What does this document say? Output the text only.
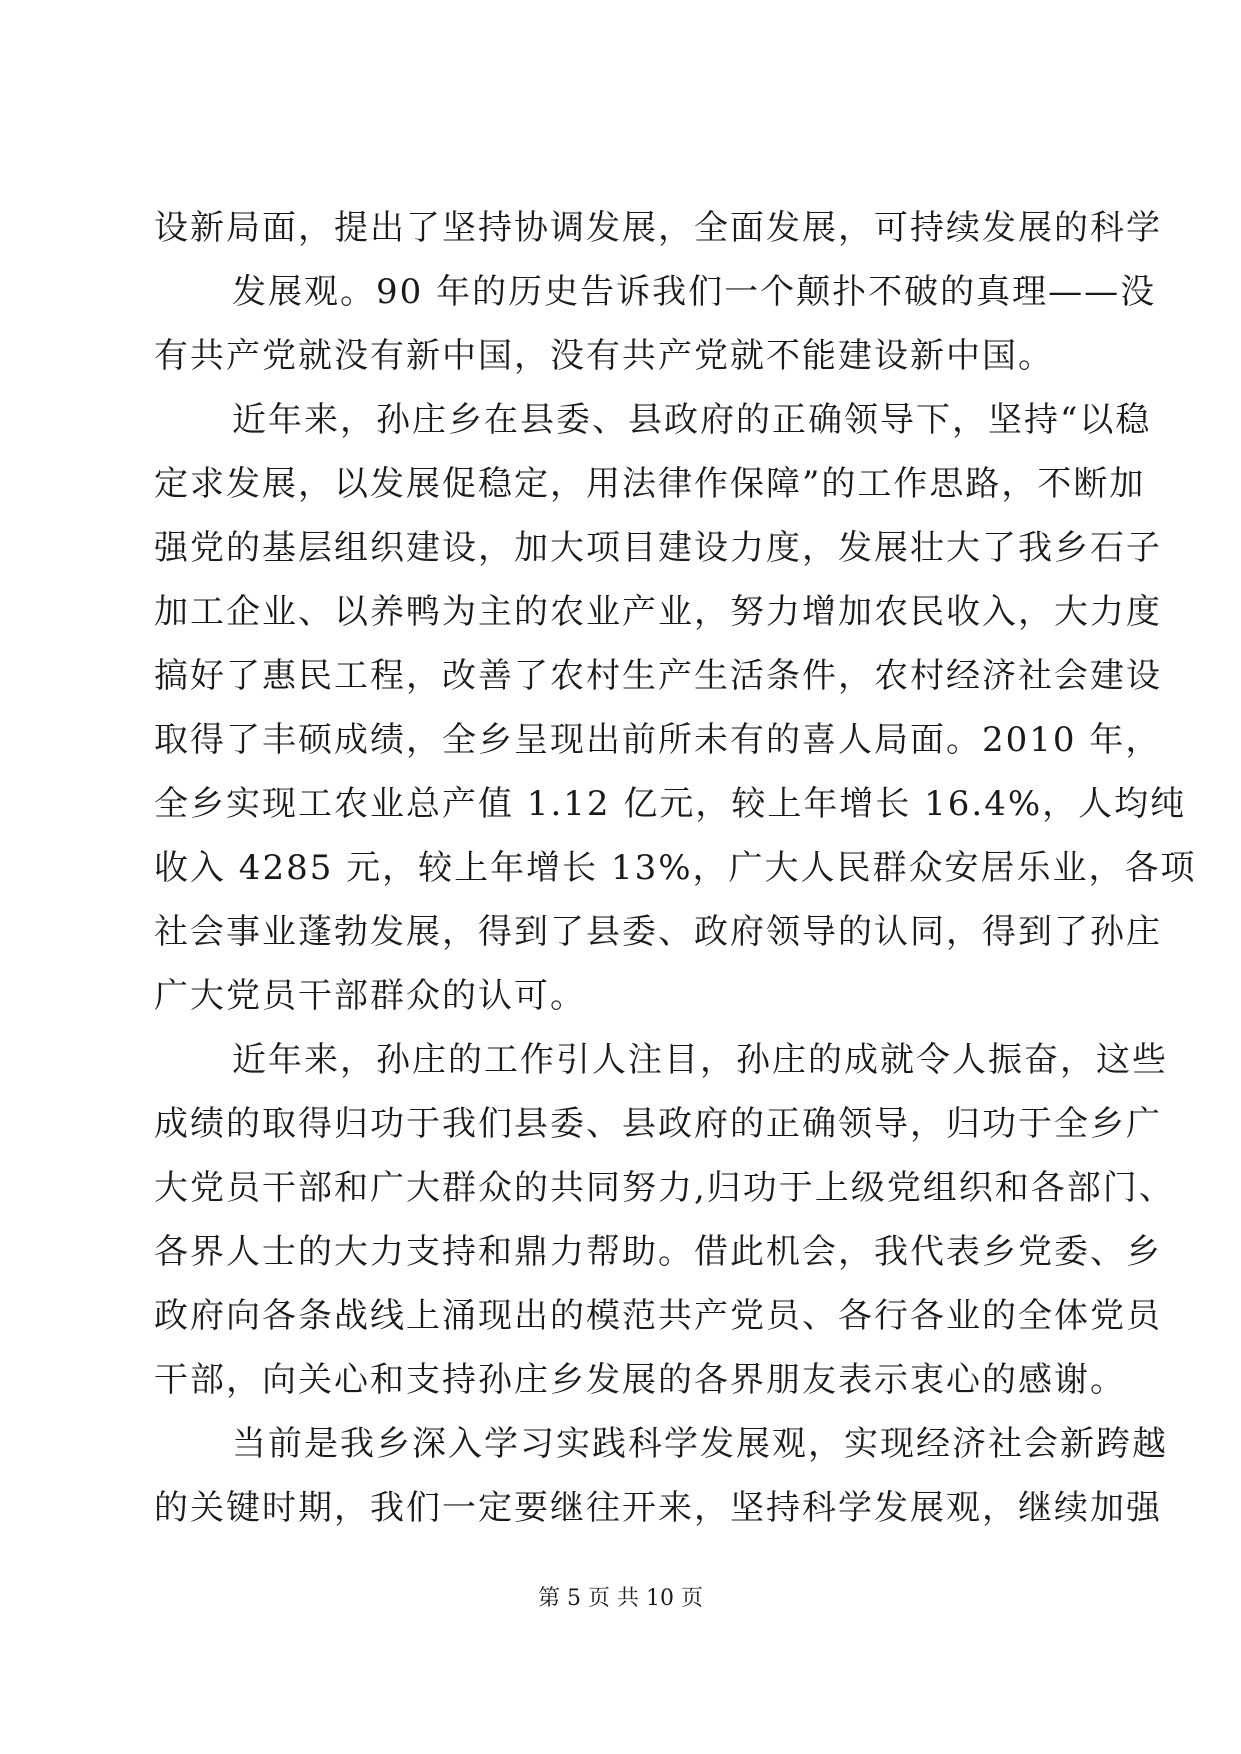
设新局面，提出了坚持协调发展，全面发展，可持续发展的科学
发展观。90 年的历史告诉我们一个颠扑不破的真理——没
有共产党就没有新中国，没有共产党就不能建设新中国。
近年来，孙庄乡在县委、县政府的正确领导下，坚持“以稳
定求发展，以发展促稳定，用法律作保障”的工作思路，不断加
强党的基层组织建设，加大项目建设力度，发展壮大了我乡石子
加工企业、以养鸭为主的农业产业，努力增加农民收入，大力度
搞好了惠民工程，改善了农村生产生活条件，农村经济社会建设
取得了丰硕成绩，全乡呈现出前所未有的喜人局面。2010 年，
全乡实现工农业总产值 1.12 亿元，较上年增长 16.4%，人均纯
收入 4285 元，较上年增长 13%，广大人民群众安居乐业，各项
社会事业蓬勃发展，得到了县委、政府领导的认同，得到了孙庄
广大党员干部群众的认可。
近年来，孙庄的工作引人注目，孙庄的成就令人振奋，这些
成绩的取得归功于我们县委、县政府的正确领导，归功于全乡广
大党员干部和广大群众的共同努力,归功于上级党组织和各部门、
各界人士的大力支持和鼎力帮助。借此机会，我代表乡党委、乡
政府向各条战线上涌现出的模范共产党员、各行各业的全体党员
干部，向关心和支持孙庄乡发展的各界朋友表示衷心的感谢。
当前是我乡深入学习实践科学发展观，实现经济社会新跨越
的关键时期，我们一定要继往开来，坚持科学发展观，继续加强
第 5 页 共 10 页
